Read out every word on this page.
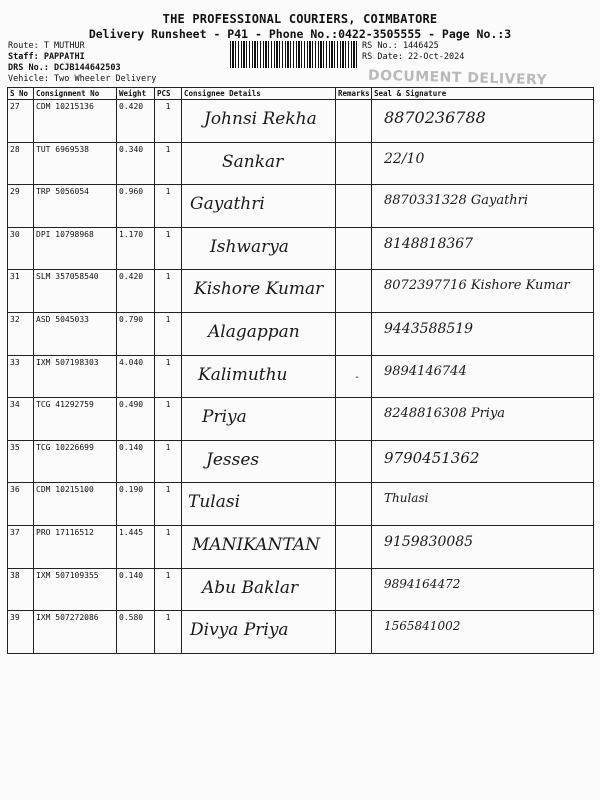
THE PROFESSIONAL COURIERS, COIMBATORE
Delivery Runsheet - P41 - Phone No.:0422-3505555 - Page No.:3
Route: T MUTHUR
Staff: PAPPATHI
DRS No.: DCJB144642503
Vehicle: Two Wheeler Delivery
RS No.: 1446425
RS Date: 22-Oct-2024
DOCUMENT DELIVERY
S No	Consignment No	Weight	PCS	Consignee Details	Remarks	Seal & Signature
27	CDM 10215136	0.420	1	Johnsi Rekha		8870236788

28	TUT 6969538	0.340	1	Sankar		22/10

29	TRP 5056054	0.960	1	Gayathri		8870331328 Gayathri

30	DPI 10798968	1.170	1	Ishwarya		8148818367

31	SLM 357058540	0.420	1	Kishore Kumar		8072397716 Kishore Kumar

32	ASD 5045033	0.790	1	Alagappan		9443588519

33	IXM 507198303	4.040	1	Kalimuthu	-	9894146744

34	TCG 41292759	0.490	1	Priya		8248816308 Priya

35	TCG 10226699	0.140	1	Jesses		9790451362

36	CDM 10215100	0.190	1	Tulasi		Thulasi

37	PRO 17116512	1.445	1	MANIKANTAN		9159830085

38	IXM 507109355	0.140	1	Abu Baklar		9894164472

39	IXM 507272086	0.580	1	Divya Priya		1565841002
